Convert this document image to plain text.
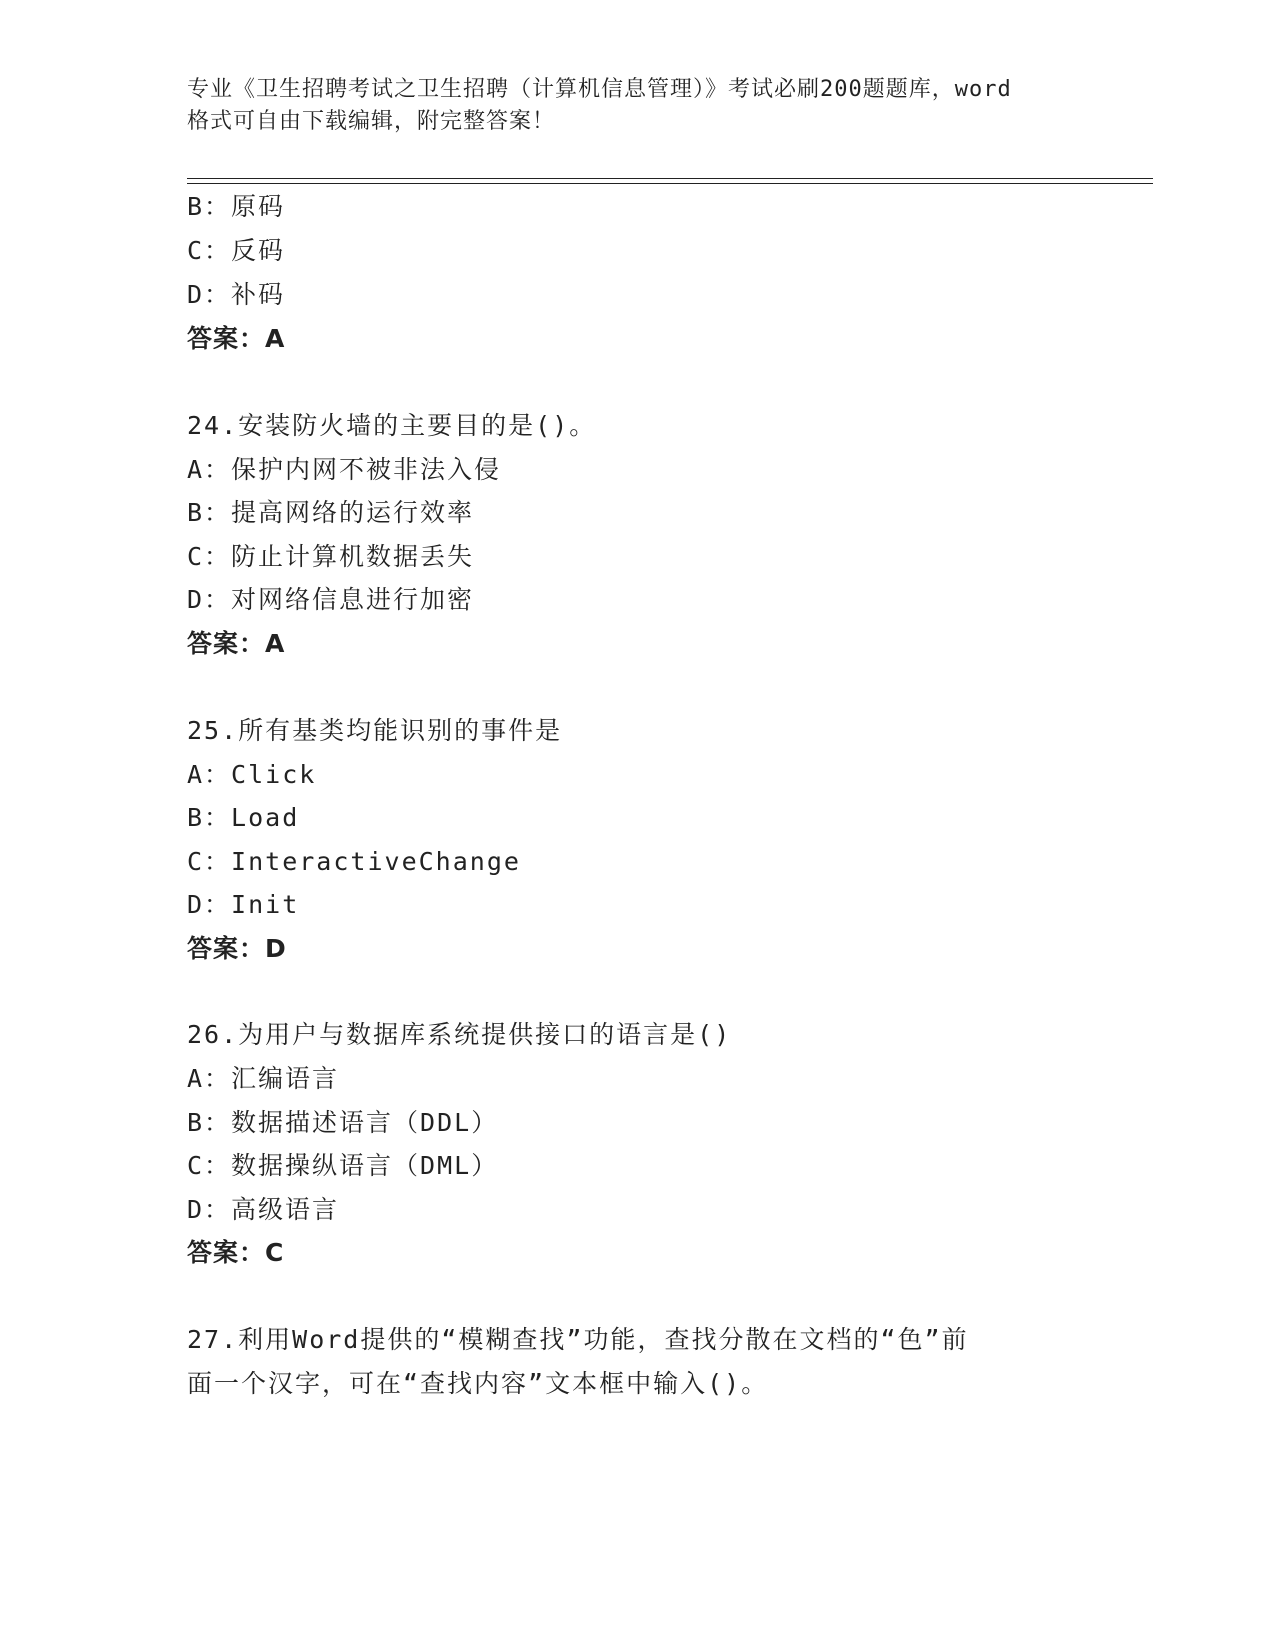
专业《卫生招聘考试之卫生招聘（计算机信息管理）》考试必刷200题题库，word
格式可自由下载编辑，附完整答案！
B：原码
C：反码
D：补码
答案：A
24.安装防火墙的主要目的是()。
A：保护内网不被非法入侵
B：提高网络的运行效率
C：防止计算机数据丢失
D：对网络信息进行加密
答案：A
25.所有基类均能识别的事件是
A：Click
B：Load
C：InteractiveChange
D：Init
答案：D
26.为用户与数据库系统提供接口的语言是()
A：汇编语言
B：数据描述语言（DDL）
C：数据操纵语言（DML）
D：高级语言
答案：C
27.利用Word提供的“模糊查找”功能，查找分散在文档的“色”前
面一个汉字，可在“查找内容”文本框中输入()。
